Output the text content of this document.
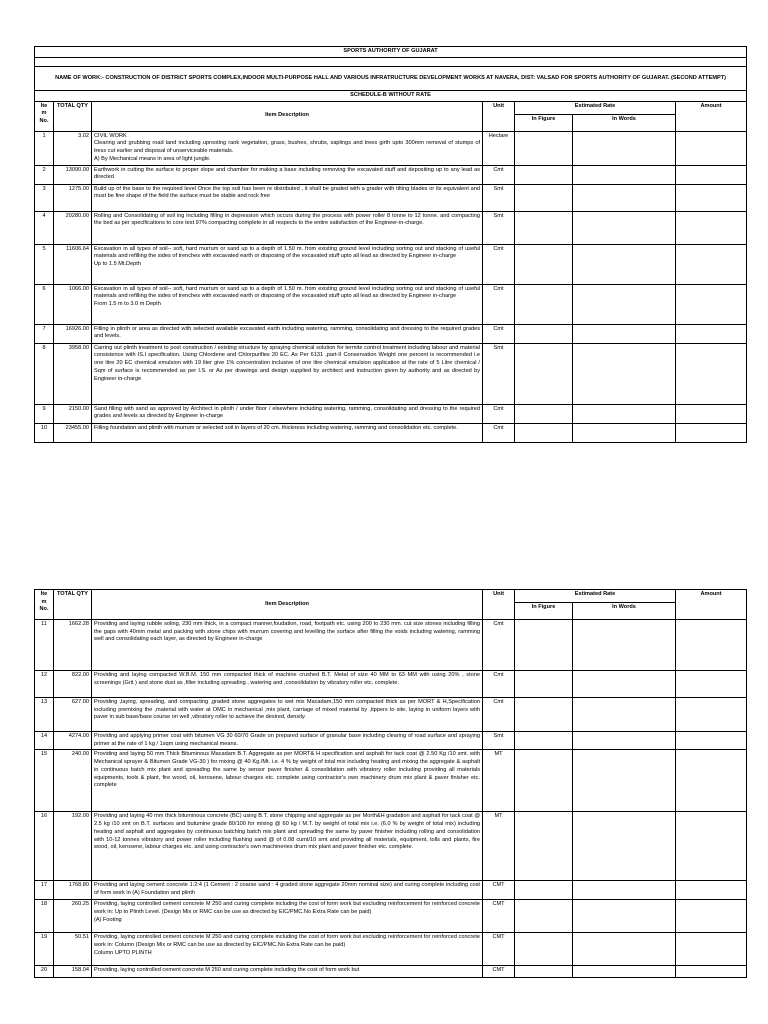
SPORTS AUTHORITY OF GUJARAT						

NAME OF WORK:- CONSTRUCTION OF DISTRICT SPORTS COMPLEX,INDOOR MULTI-PURPOSE HALL AND VARIOUS INFRATRUCTURE DEVELOPMENT WORKS AT NAVERA, DIST: VALSAD FOR SPORTS AUTHORITY OF GUJARAT. (SECOND ATTEMPT)						
SCHEDULE-B WITHOUT RATE						
Ite
m
No.	TOTAL QTY	Item Description	Unit	Estimated Rate		Amount
				In Figure	In Words	
1	3.02	CIVIL WORK
Clearing and grubbing road land including uprooting rank vegetation, grass, bushes, shrubs, saplings and trees girth upto 300mm removal of stumps of tress cut earlier and disposal of unserviceable materials.
A) By Mechanical means in area of light jungle.	Hectare			
2	13090.00	Earthwork in cutting the surface to proper slope and chamber for making a base including removing the excavated stuff and depositing up to any lead as directed	Cmt			
3	1275.00	Build up of the base to the required level Once the top soil has been re distributed , it shall be graded with a grader with tilting blades or its equivalent and must be fine shape of the field the surface must be stable and rock free	Smt			
4	20280.00	Rolling and Consolidating of soil ing including filling in depression which occurs during the process with power roller 8 tonne to 12 tonne. and compacting the bed as per specifications to core test 97% compacting complete in all respects to the entire satisfaction of the Engineer-in-charge.	Smt			
5	11606.64	Excavation in all types of soil-- soft, hard murrum or sand up to a depth of 1.50 m. from existing ground level including sorting out and stacking of useful materials and refilling the sides of trenches with excavated earth or disposing of the excavated stuff upto all lead as directed by Engineer in-charge
Up to 1.5 Mt.Depth	Cmt			
6	1066.00	Excavation in all types of soil-- soft, hard murrum or sand up to a depth of 1.50 m. from existing ground level including sorting out and stacking of useful materials and refilling the sides of trenches with excavated earth or disposing of the excavated stuff upto all lead as directed by Engineer in-charge
From 1.5 m to 3.0 m Depth	Cmt			
7	16926.00	Filling in plinth or area as directed with selected available excavated earth including watering, ramming, consolidating and dressing to the required grades and levels.	Cmt			
8	3958.00	Carring out plinth treatment to post construction / existing structure by spraying chemical solution for termite control treatment including labour and material consistence with IS.I specification. Using Chlordene and Chlorpurifies 20 EC. As Per 6131 ,part-II Conservation Weight one percent is recommended i.e one litre 20 EC chemical emulsion with 19 liter give 1% concentration inclusive of one litre chemical emulsion application at the rate of 5 Litre chemical / Sqm of surface is recommended as per I.S. or As per drawings and design supplied by architect and instruction given by authority and as directed by Engineer in-charge	Smt			
9	2150.00	Sand filling with sand as approved by Architect in plinth / under floor / elsewhere including watering, ramming, consolidating and dressing to the required grades and levels as directed by Engineer in-charge	Cmt			
10	23455.00	Filling foundation and plinth with murrum or selected soil in layers of 20 cm. thickness including watering, ramming and consolidation etc. complete.	Cmt			
Ite
m
No.	TOTAL QTY	Item Description	Unit	Estimated Rate		Amount
				In Figure	In Words	
11	1662.28	Providing and laying rubble soling, 230 mm thick, in a compact manner,foudation, road, footpath etc. using 200 to 230 mm. cut size stones including filling the gaps with 40mm metal and packing with stone chips with murrum covering and levelling the surface after filling the voids including watering, ramming well and consolidating each layer, as directed by Engineer in-charge	Cmt			
12	822.00	Providing and laying compacted W.B.M. 150 mm compacted thick of machine crushed B.T. Metal of size 40 MM to 63 MM with using 20% , stone screenings (Grit ) and stone dust as ,filler including spreading , watering and ,consolidation by vibratory roller etc. complete.	Cmt			
13	627.00	Providing ,laying, spreading, and compacting ,graded stone aggregates to wet mix Macadam,150 mm compacted thick as per MORT & H,Specification including premixing the ,material with water at OMC in mechanical ,mix plant, carriage of mixed material by ,tippers to site, laying in uniform layers with paver in sub base/base course on well ,vibratory roller to achieve the desired, density.	Cmt			
14	4274.00	Providing and applying primer coat with bitumen VG 30 60/70 Grade on prepared surface of granular base including clearing of road surface and spraying primer at the rate of 1 kg / 1sqm using mechanical means.	Smt			
15	240.00	Providing and laying 50 mm Thick Bituminous Macadam B.T. Aggregate as per MORT& H specification and asphalt for tack coat @ 2.50 Kg /10 smt. with Mechanical sprayer & Bitumen Grade VG-30 ) for mixing @ 40 Kg./Mt. i.e. 4 % by weight of total mix including heating and mixing the aggregate & asphalt in continuous batch mix plant and spreading the same by sensor paver finisher & consolidation with vibratory roller including providing all materials equipments, tools & plant, fire wood, oil, kerosene, labour charges etc. complete using contractor's own machinery drum mix plant & paver finisher etc. complete	MT			
16	192.00	Providing and laying 40 mm thick bituminous concrete (BC) using B.T. stone chipping and aggregate as per Morth&H gradation and asphalt for tack coat @ 2.5 kg /10 smt on B.T. surfaces and butumine grade 80/100 for mixing @ 60 kg / M.T. by weight of total mix i.e. (6.0 % by weight of total mix) including heating and asphalt and aggregates by continuous batching batch mix plant and spreading the same by paver finisher including rolling and consolidation with 10-12 tonnes vibratory and power roller including flushing sand @ of 0.08 cumt/10 smt and providing all materials, equipment, tolls and plants, fire wood, oil, kerosene, labour charges etc. and using contractor's own machineries drum mix plant and paver finisher etc. complete.	MT			
17	1768.80	Providing and laying cement concrete 1:2:4 (1 Cement : 2 coarse sand : 4 graded stone aggregate 20mm nominal size) and curing complete including cost of form work in (A) Foundation and plinth	CMT			
18	260.25	Providing, laying controlled cement concrete M 250 and curing complete including the cost of form work but excluding reinforcement for reinforced concrete work in: Up to Plinth Level. (Design Mix or RMC can be use as directed by EIC/PMC.No Extra Rate can be paid)
(A) Footing	CMT			
19	50.51	Providing, laying controlled cement concrete M 250 and curing complete including the cost of form work but excluding reinforcement for reinforced concrete work in: Column (Design Mix or RMC can be use as directed by EIC/PMC.No Extra Rate can be paid)
Column UPTO PLINTH	CMT			
20	158.04	Providing, laying controlled cement concrete M 250 and curing complete including the cost of form work but	CMT			
